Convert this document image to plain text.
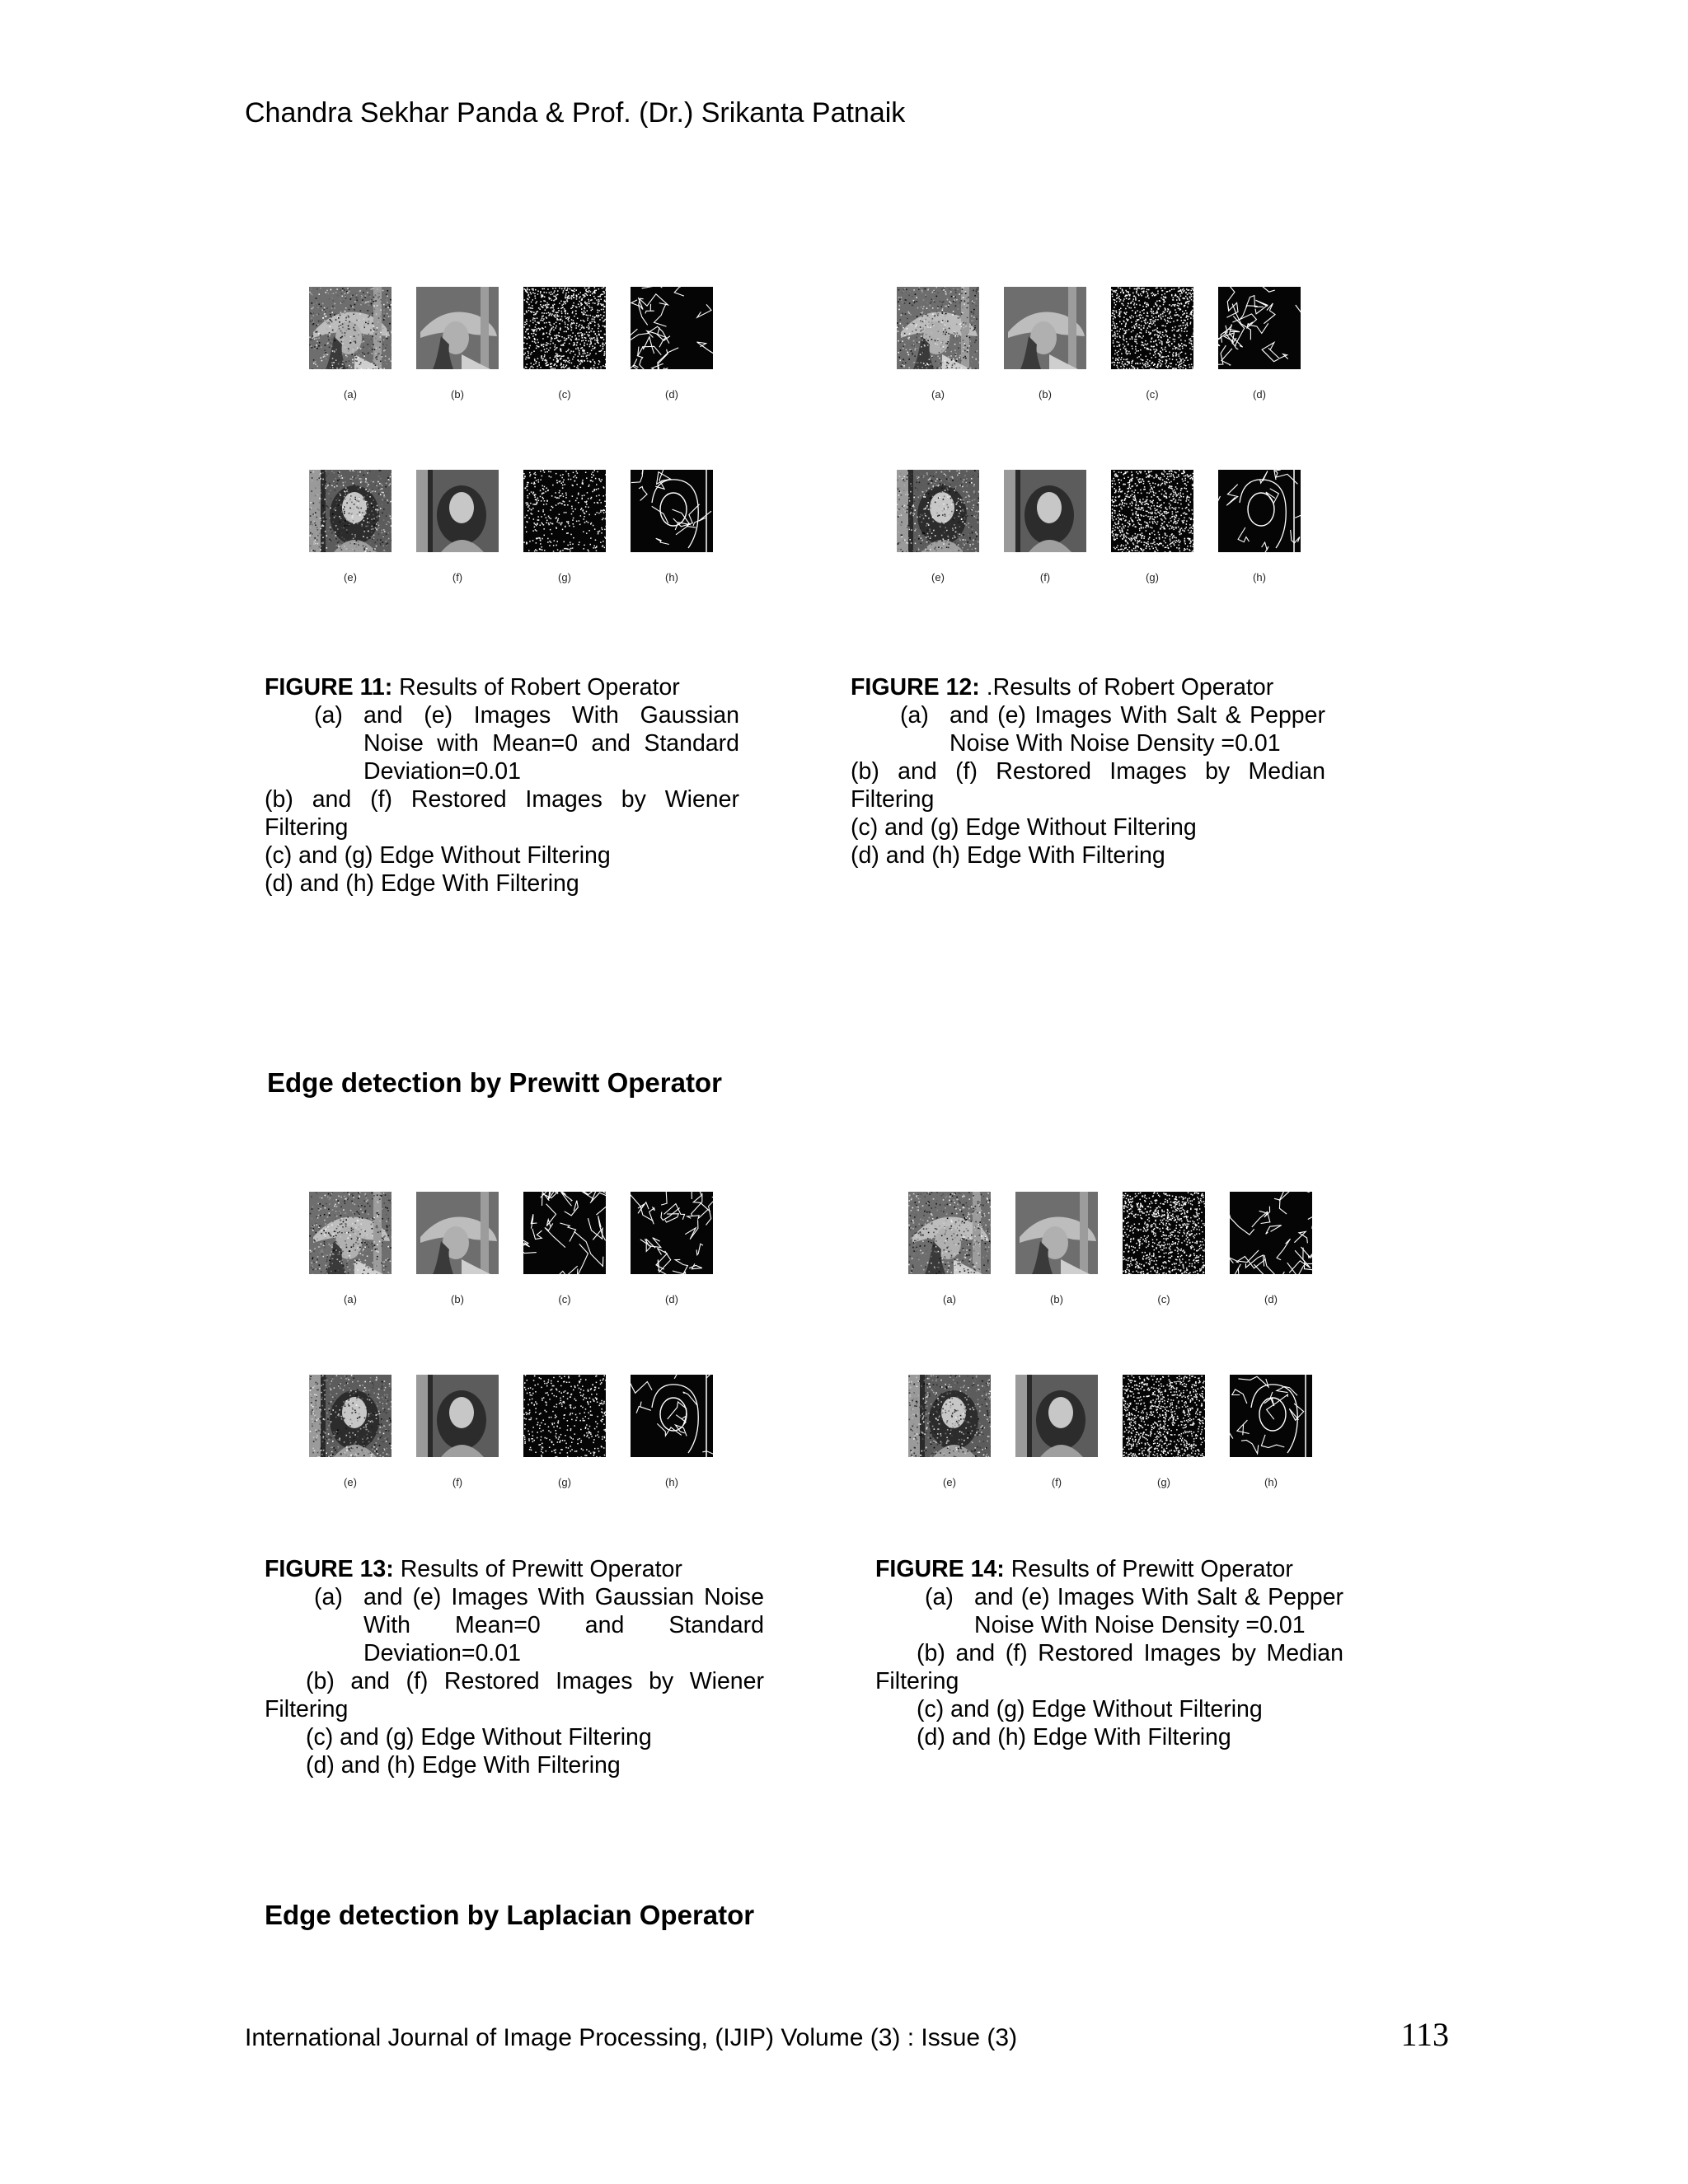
Chandra Sekhar Panda & Prof. (Dr.) Srikanta Patnaik
(a)	(b)	(c)	(d)
(e)	(f)	(g)	(h)
(a)	(b)	(c)	(d)
(e)	(f)	(g)	(h)
(a)	(b)	(c)	(d)
(e)	(f)	(g)	(h)
(a)	(b)	(c)	(d)
(e)	(f)	(g)	(h)
FIGURE 11: Results of Robert Operator
(a) and (e) Images With Gaussian Noise with Mean=0 and Standard Deviation=0.01
(b) and (f) Restored Images by Wiener Filtering
(c) and (g) Edge Without Filtering
(d) and (h) Edge With Filtering
FIGURE 12: .Results of Robert Operator
(a) and (e) Images With Salt & Pepper Noise With Noise Density =0.01
(b) and (f) Restored Images by Median Filtering
(c) and (g) Edge Without Filtering
(d) and (h) Edge With Filtering
Edge detection by Prewitt Operator
FIGURE 13: Results of Prewitt Operator
(a) and (e) Images With Gaussian Noise With Mean=0 and Standard Deviation=0.01
(b) and (f) Restored Images by Wiener Filtering
(c) and (g) Edge Without Filtering
(d) and (h) Edge With Filtering
FIGURE 14: Results of Prewitt Operator
(a) and (e) Images With Salt & Pepper Noise With Noise Density =0.01
(b) and (f) Restored Images by Median Filtering
(c) and (g) Edge Without Filtering
(d) and (h) Edge With Filtering
Edge detection by Laplacian Operator
International Journal of Image Processing, (IJIP) Volume (3) : Issue (3)	113
